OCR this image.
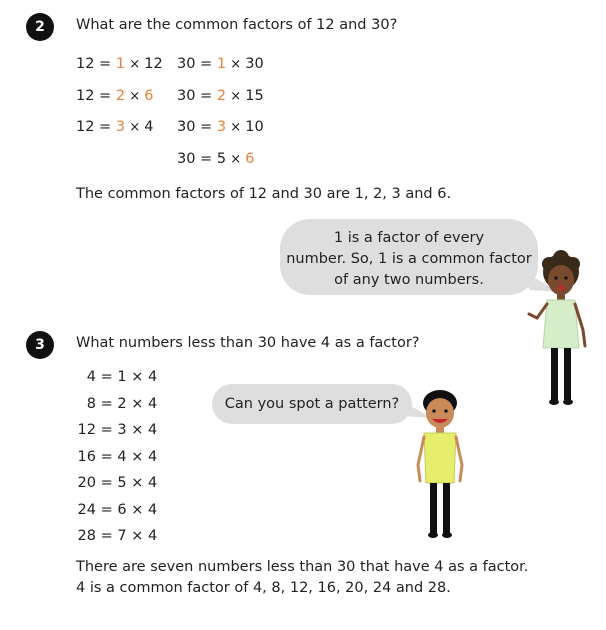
2	What are the common factors of 12 and 30?
12 = 1 × 12
12 = 2 × 6
12 = 3 × 4
30 = 1 × 30
30 = 2 × 15
30 = 3 × 10
30 = 5 × 6
The common factors of 12 and 30 are 1, 2, 3 and 6.
1 is a factor of every
number. So, 1 is a common factor
of any two numbers.
3	What numbers less than 30 have 4 as a factor?
4 = 1 × 4
8 = 2 × 4
12 = 3 × 4
16 = 4 × 4
20 = 5 × 4
24 = 6 × 4
28 = 7 × 4
Can you spot a pattern?
There are seven numbers less than 30 that have 4 as a factor.
4 is a common factor of 4, 8, 12, 16, 20, 24 and 28.
